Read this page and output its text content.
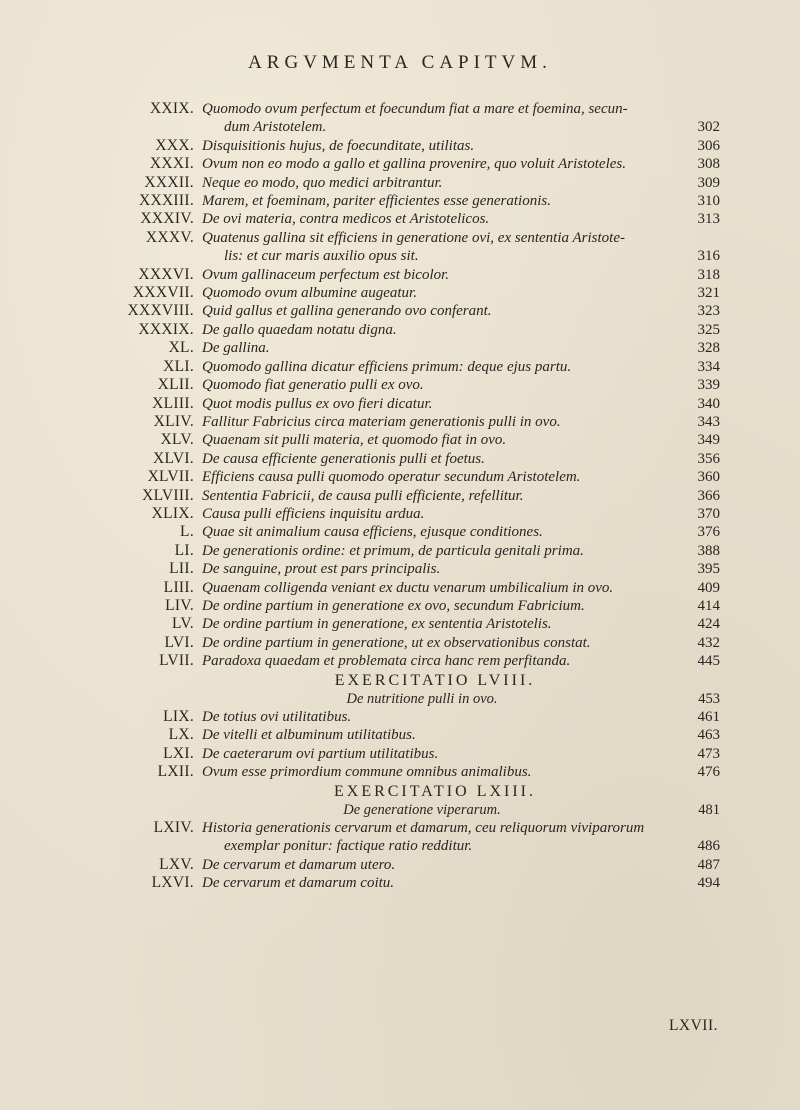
ARGVMENTA CAPITVM.
XXIX. Quomodo ovum perfectum et foecundum fiat a mare et foemina, secun-
dum Aristotelem.	302
XXX. Disquisitionis hujus, de foecunditate, utilitas.	306
XXXI. Ovum non eo modo a gallo et gallina provenire, quo voluit Aristoteles.	308
XXXII. Neque eo modo, quo medici arbitrantur.	309
XXXIII. Marem, et foeminam, pariter efficientes esse generationis.	310
XXXIV. De ovi materia, contra medicos et Aristotelicos.	313
XXXV. Quatenus gallina sit efficiens in generatione ovi, ex sententia Aristote-
lis: et cur maris auxilio opus sit.	316
XXXVI. Ovum gallinaceum perfectum est bicolor.	318
XXXVII. Quomodo ovum albumine augeatur.	321
XXXVIII. Quid gallus et gallina generando ovo conferant.	323
XXXIX. De gallo quaedam notatu digna.	325
XL. De gallina.	328
XLI. Quomodo gallina dicatur efficiens primum: deque ejus partu.	334
XLII. Quomodo fiat generatio pulli ex ovo.	339
XLIII. Quot modis pullus ex ovo fieri dicatur.	340
XLIV. Fallitur Fabricius circa materiam generationis pulli in ovo.	343
XLV. Quaenam sit pulli materia, et quomodo fiat in ovo.	349
XLVI. De causa efficiente generationis pulli et foetus.	356
XLVII. Efficiens causa pulli quomodo operatur secundum Aristotelem.	360
XLVIII. Sententia Fabricii, de causa pulli efficiente, refellitur.	366
XLIX. Causa pulli efficiens inquisitu ardua.	370
L. Quae sit animalium causa efficiens, ejusque conditiones.	376
LI. De generationis ordine: et primum, de particula genitali prima.	388
LII. De sanguine, prout est pars principalis.	395
LIII. Quaenam colligenda veniant ex ductu venarum umbilicalium in ovo.	409
LIV. De ordine partium in generatione ex ovo, secundum Fabricium.	414
LV. De ordine partium in generatione, ex sententia Aristotelis.	424
LVI. De ordine partium in generatione, ut ex observationibus constat.	432
LVII. Paradoxa quaedam et problemata circa hanc rem perfitanda.	445
EXERCITATIO LVIII.
De nutritione pulli in ovo.	453
LIX. De totius ovi utilitatibus.	461
LX. De vitelli et albuminum utilitatibus.	463
LXI. De caeterarum ovi partium utilitatibus.	473
LXII. Ovum esse primordium commune omnibus animalibus.	476
EXERCITATIO LXIII.
De generatione viperarum.	481
LXIV. Historia generationis cervarum et damarum, ceu reliquorum viviparorum
exemplar ponitur: factique ratio redditur.	486
LXV. De cervarum et damarum utero.	487
LXVI. De cervarum et damarum coitu.	494
LXVII.
